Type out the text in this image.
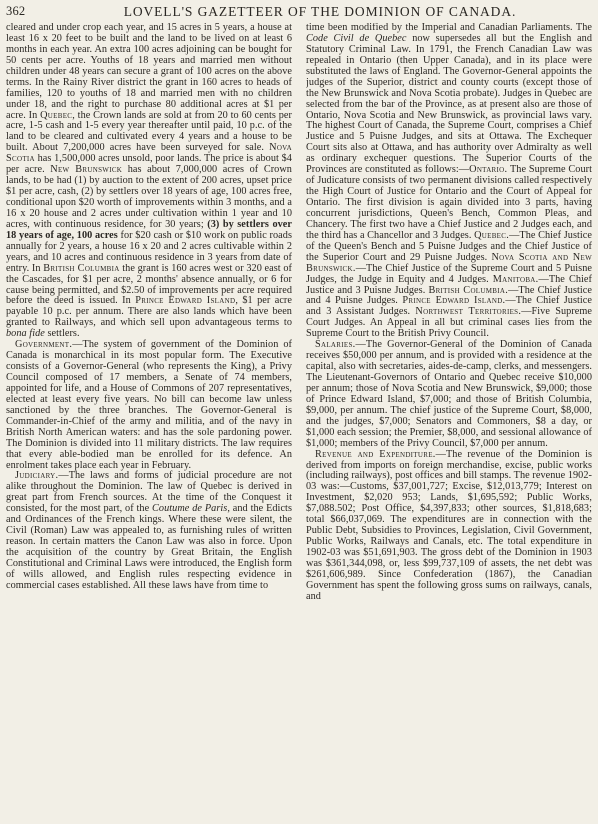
362	LOVELL'S GAZETTEER OF THE DOMINION OF CANADA.

cleared and under crop each year, and 15 acres in 5 years, a house at least 16 x 20 feet to be built and the land to be lived on at least 6 months in each year. An extra 100 acres adjoining can be bought for 50 cents per acre. Youths of 18 years and married men without children under 48 years can secure a grant of 100 acres on the above terms. In the Rainy River district the grant in 160 acres to heads of families, 120 to youths of 18 and married men with no children under 18, and the right to purchase 80 additional acres at $1 per acre. In Quebec, the Crown lands are sold at from 20 to 60 cents per acre, 1-5 cash and 1-5 every year thereafter until paid, 10 p.c. of the land to be cleared and cultivated every 4 years and a house to be built. About 7,200,000 acres have been surveyed for sale. Nova Scotia has 1,500,000 acres unsold, poor lands. The price is about $4 per acre. New Brunswick has about 7,000,000 acres of Crown lands, to be had (1) by auction to the extent of 200 acres, upset price $1 per acre, cash, (2) by settlers over 18 years of age, 100 acres free, conditional upon $20 worth of improvements within 3 months, and a 16 x 20 house and 2 acres under cultivation within 1 year and 10 acres, with continuous residence, for 30 years; (3) by settlers over 18 years of age, 100 acres for $20 cash or $10 work on public roads annually for 2 years, a house 16 x 20 and 2 acres cultivable within 2 years, and 10 acres and continuous residence in 3 years from date of entry. In British Columbia the grant is 160 acres west or 320 east of the Cascades, for $1 per acre, 2 months' absence annually, or 6 for cause being permitted, and $2.50 of improvements per acre required before the deed is issued. In Prince Edward Island, $1 per acre payable 10 p.c. per annum. There are also lands which have been granted to Railways, and which sell upon advantageous terms to bona fide settlers.

Government.—The system of government of the Dominion of Canada is monarchical in its most popular form. The Executive consists of a Governor-General (who represents the King), a Privy Council composed of 17 members, a Senate of 74 members, appointed for life, and a House of Commons of 207 representatives, elected at least every five years. No bill can become law unless sanctioned by the three branches. The Governor-General is Commander-in-Chief of the army and militia, and of the navy in British North American waters: and has the sole pardoning power. The Dominion is divided into 11 military districts. The law requires that every able-bodied man be enrolled for its defence. An enrolment takes place each year in February.

Judiciary.—The laws and forms of judicial procedure are not alike throughout the Dominion. The law of Quebec is derived in great part from French sources. At the time of the Conquest it consisted, for the most part, of the Coutume de Paris, and the Edicts and Ordinances of the French kings. Where these were silent, the Civil (Roman) Law was appealed to, as furnishing rules of written reason. In certain matters the Canon Law was also in force. Upon the acquisition of the country by Great Britain, the English Constitutional and Criminal Laws were introduced, the English form of wills allowed, and English rules respecting evidence in commercial cases established. All these laws have from time to

time been modified by the Imperial and Canadian Parliaments. The Code Civil de Quebec now supersedes all but the English and Statutory Criminal Law. In 1791, the French Canadian Law was repealed in Ontario (then Upper Canada), and in its place were substituted the laws of England. The Governor-General appoints the judges of the Superior, district and county courts (except those of the New Brunswick and Nova Scotia probate). Judges in Quebec are selected from the bar of the Province, as at present also are those of Ontario, Nova Scotia and New Brunswick, as provincial laws vary. The highest Court of Canada, the Supreme Court, comprises a Chief Justice and 5 Puisne Judges, and sits at Ottawa. The Exchequer Court sits also at Ottawa, and has authority over Admiralty as well as ordinary exchequer questions. The Superior Courts of the Provinces are constituted as follows:—Ontario. The Supreme Court of Judicature consists of two permanent divisions called respectively the High Court of Justice for Ontario and the Court of Appeal for Ontario. The first division is again divided into 3 parts, having concurrent jurisdictions, Queen's Bench, Common Pleas, and Chancery. The first two have a Chief Justice and 2 Judges each, and the third has a Chancellor and 3 Judges. Quebec.—The Chief Justice of the Queen's Bench and 5 Puisne Judges and the Chief Justice of the Superior Court and 29 Puisne Judges. Nova Scotia and New Brunswick.—The Chief Justice of the Supreme Court and 5 Puisne Judges, the Judge in Equity and 4 Judges. Manitoba.—The Chief Justice and 3 Puisne Judges. British Columbia.—The Chief Justice and 4 Puisne Judges. Prince Edward Island.—The Chief Justice and 3 Assistant Judges. Northwest Territories.—Five Supreme Court Judges. An Appeal in all but criminal cases lies from the Supreme Court to the British Privy Council.

Salaries.—The Governor-General of the Dominion of Canada receives $50,000 per annum, and is provided with a residence at the capital, also with secretaries, aides-de-camp, clerks, and messengers. The Lieutenant-Governors of Ontario and Quebec receive $10,000 per annum; those of Nova Scotia and New Brunswick, $9,000; those of Prince Edward Island, $7,000; and those of British Columbia, $9,000, per annum. The chief justice of the Supreme Court, $8,000, and the judges, $7,000; Senators and Commoners, $8 a day, or $1,000 each session; the Premier, $8,000, and sessional allowance of $1,000; members of the Privy Council, $7,000 per annum.

Revenue and Expenditure.—The revenue of the Dominion is derived from imports on foreign merchandise, excise, public works (including railways), post offices and bill stamps. The revenue 1902-03 was:—Customs, $37,001,727; Excise, $12,013,779; Interest on Investment, $2,020 953; Lands, $1,695,592; Public Works, $7,088.502; Post Office, $4,397,833; other sources, $1,818,683; total $66,037,069. The expenditures are in connection with the Public Debt, Subsidies to Provinces, Legislation, Civil Government, Public Works, Railways and Canals, etc. The total expenditure in 1902-03 was $51,691,903. The gross debt of the Dominion in 1903 was $361,344,098, or, less $99,737,109 of assets, the net debt was $261,606,989. Since Confederation (1867), the Canadian Government has spent the following gross sums on railways, canals, and
